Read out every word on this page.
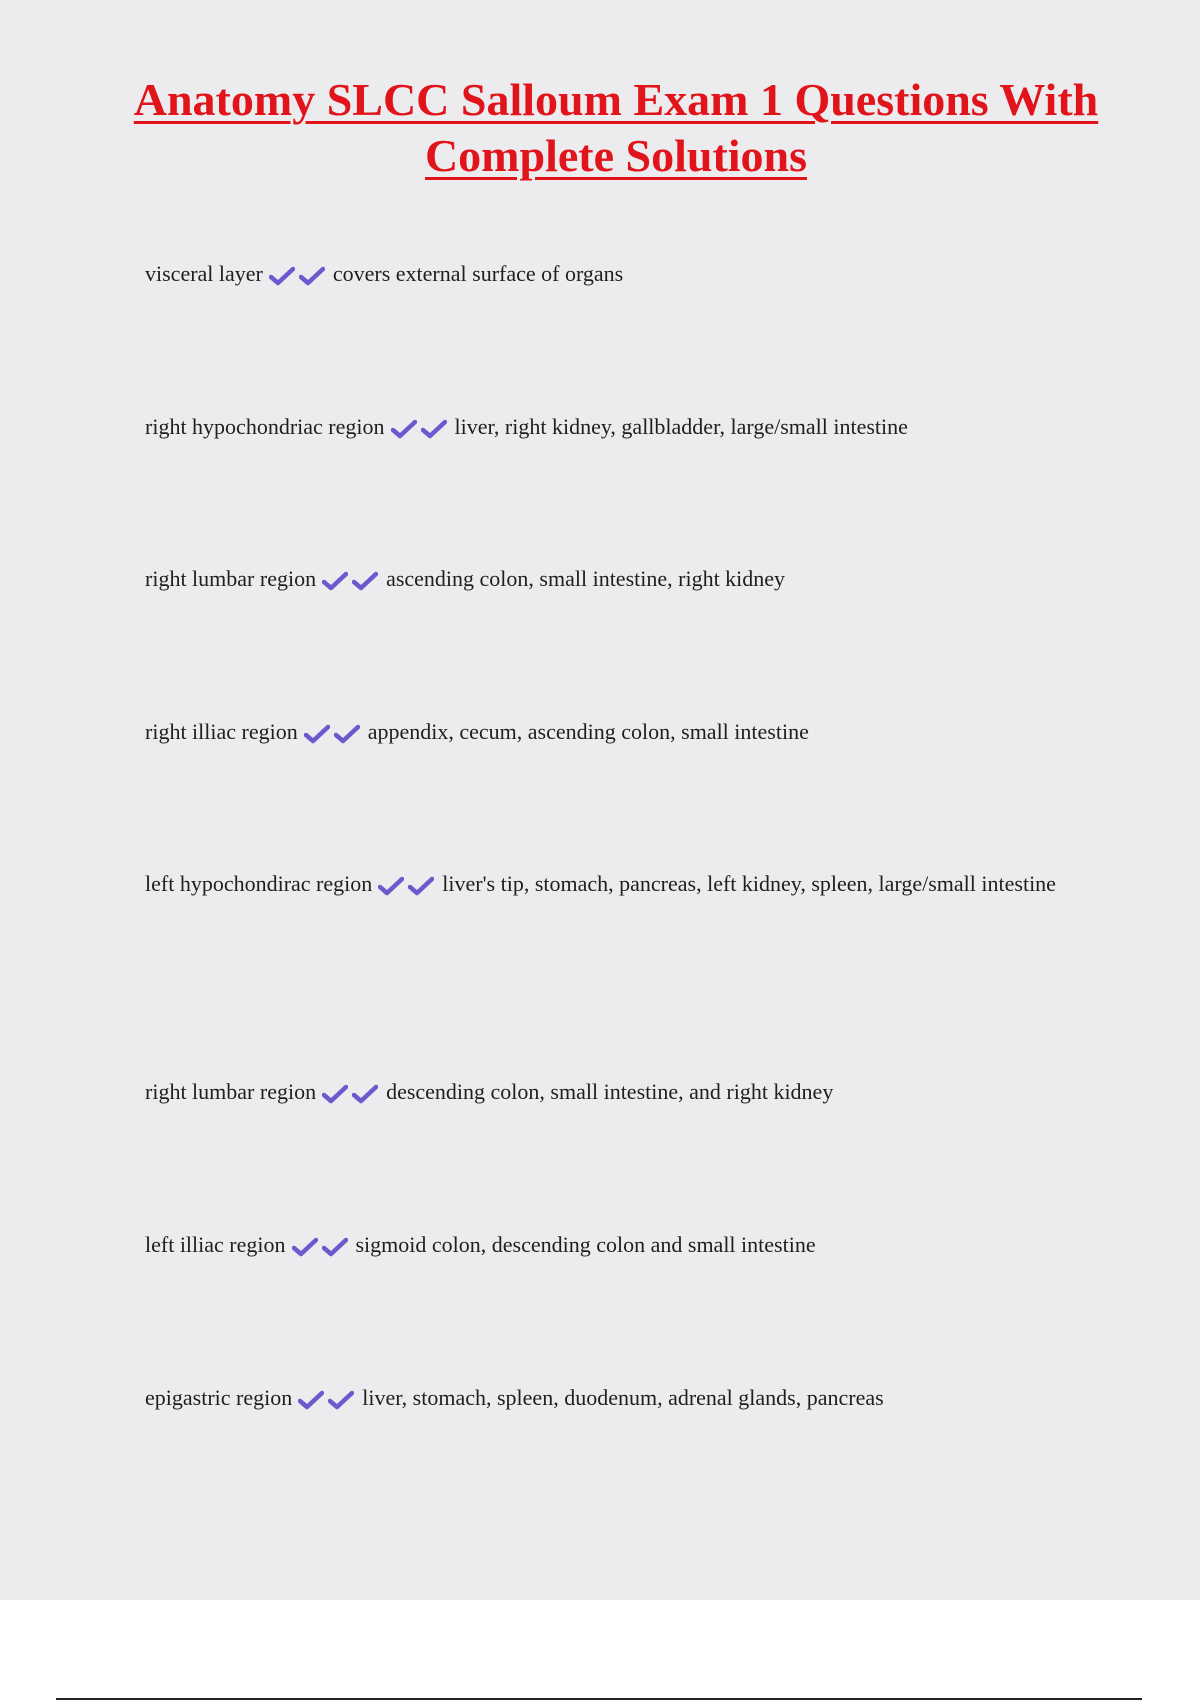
Anatomy SLCC Salloum Exam 1 Questions With Complete Solutions

visceral layer	covers external surface of organs

right hypochondriac region	liver, right kidney, gallbladder, large/small intestine

right lumbar region	ascending colon, small intestine, right kidney

right illiac region	appendix, cecum, ascending colon, small intestine

left hypochondirac region	liver's tip, stomach, pancreas, left kidney, spleen, large/small intestine

right lumbar region	descending colon, small intestine, and right kidney

left illiac region	sigmoid colon, descending colon and small intestine

epigastric region	liver, stomach, spleen, duodenum, adrenal glands, pancreas
